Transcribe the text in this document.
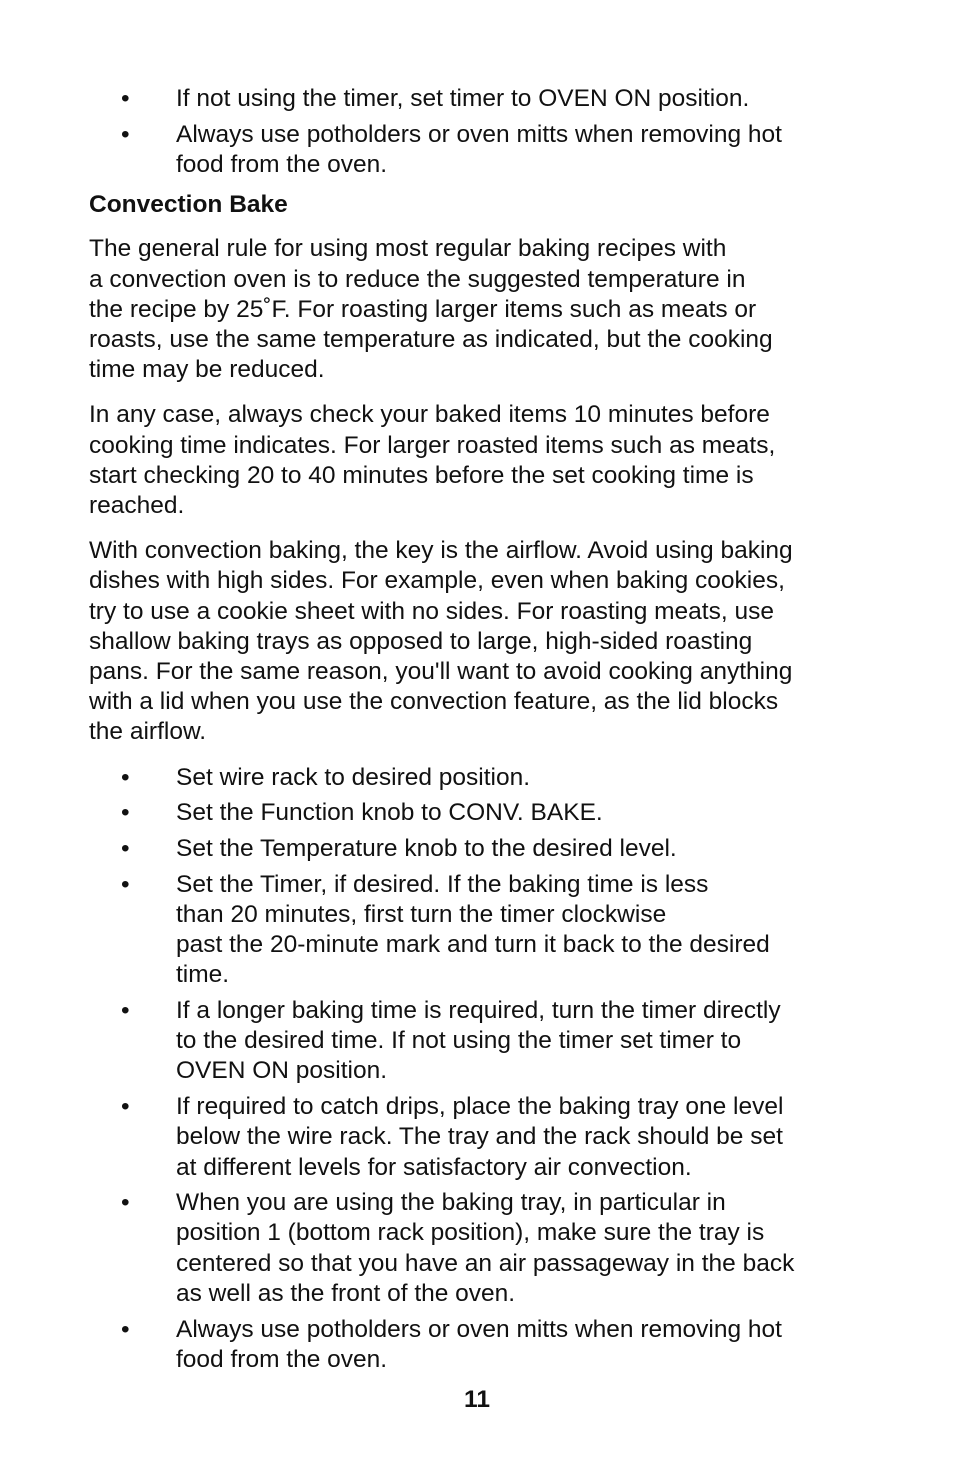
• If not using the timer, set timer to OVEN ON position.
• Always use potholders or oven mitts when removing hot
food from the oven.
Convection Bake

The general rule for using most regular baking recipes with
a convection oven is to reduce the suggested temperature in
the recipe by 25˚F. For roasting larger items such as meats or
roasts, use the same temperature as indicated, but the cooking
time may be reduced.

In any case, always check your baked items 10 minutes before
cooking time indicates. For larger roasted items such as meats,
start checking 20 to 40 minutes before the set cooking time is
reached.

With convection baking, the key is the airflow. Avoid using baking
dishes with high sides. For example, even when baking cookies,
try to use a cookie sheet with no sides. For roasting meats, use
shallow baking trays as opposed to large, high-sided roasting
pans. For the same reason, you'll want to avoid cooking anything
with a lid when you use the convection feature, as the lid blocks
the airflow.

• Set wire rack to desired position.
• Set the Function knob to CONV. BAKE.
• Set the Temperature knob to the desired level.
• Set the Timer, if desired. If the baking time is less
than 20 minutes, first turn the timer clockwise
past the 20-minute mark and turn it back to the desired
time.
• If a longer baking time is required, turn the timer directly
to the desired time. If not using the timer set timer to
OVEN ON position.
• If required to catch drips, place the baking tray one level
below the wire rack. The tray and the rack should be set
at different levels for satisfactory air convection.
• When you are using the baking tray, in particular in
position 1 (bottom rack position), make sure the tray is
centered so that you have an air passageway in the back
as well as the front of the oven.
• Always use potholders or oven mitts when removing hot
food from the oven.
11
